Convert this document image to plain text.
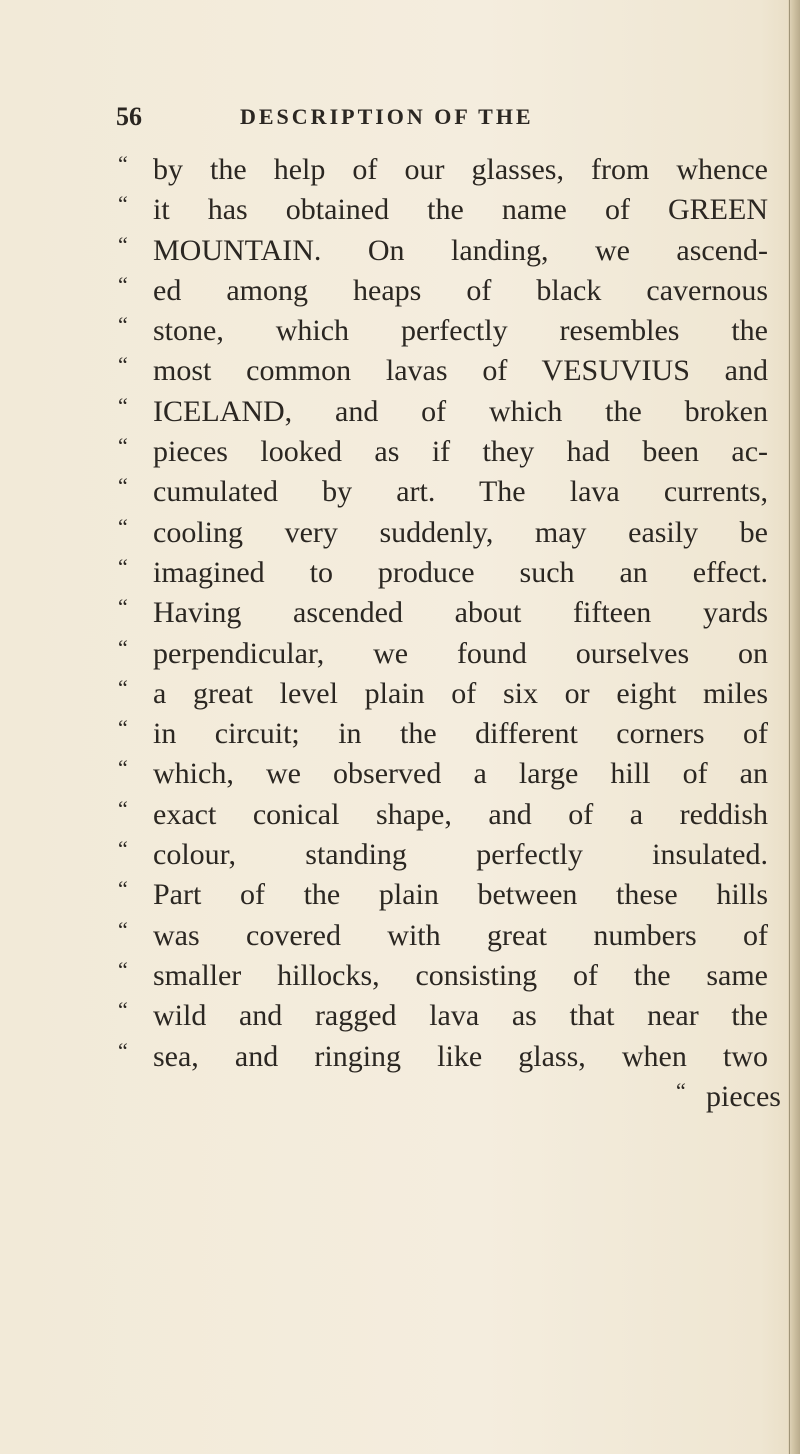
56	DESCRIPTION OF THE
“ by the help of our glasses, from whence
“ it has obtained the name of GREEN
“ MOUNTAIN. On landing, we ascend-
“ ed among heaps of black cavernous
“ stone, which perfectly resembles the
“ most common lavas of VESUVIUS and
“ ICELAND, and of which the broken
“ pieces looked as if they had been ac-
“ cumulated by art. The lava currents,
“ cooling very suddenly, may easily be
“ imagined to produce such an effect.
“ Having ascended about fifteen yards
“ perpendicular, we found ourselves on
“ a great level plain of six or eight miles
“ in circuit; in the different corners of
“ which, we observed a large hill of an
“ exact conical shape, and of a reddish
“ colour, standing perfectly insulated.
“ Part of the plain between these hills
“ was covered with great numbers of
“ smaller hillocks, consisting of the same
“ wild and ragged lava as that near the
“ sea, and ringing like glass, when two
“ pieces
